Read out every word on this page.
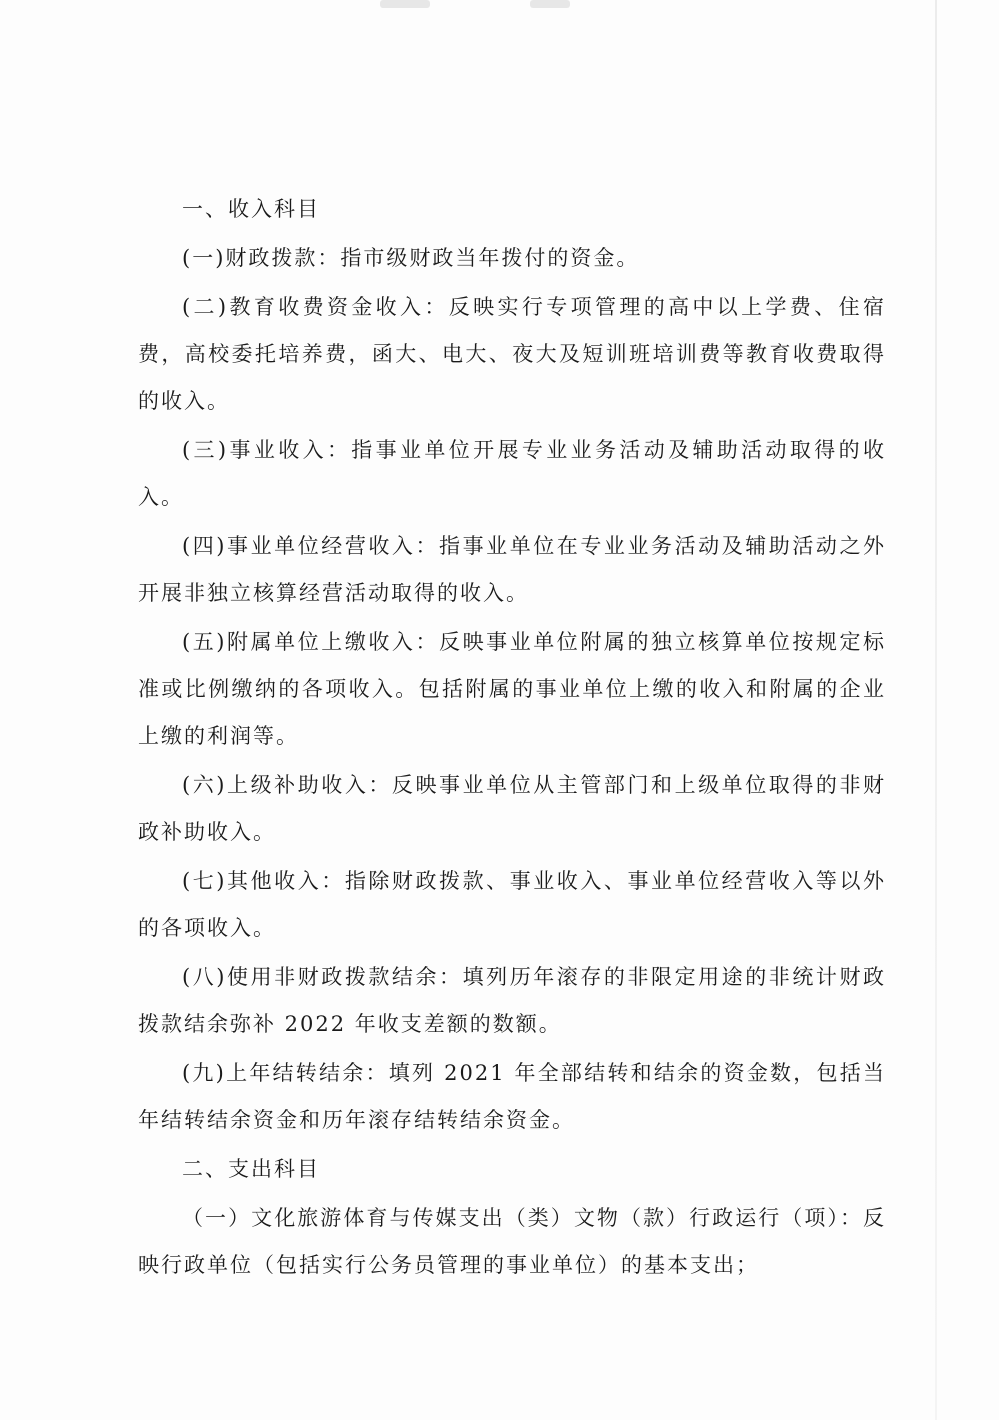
一、收入科目

(一)财政拨款：指市级财政当年拨付的资金。

(二)教育收费资金收入：反映实行专项管理的高中以上学费、住宿费，高校委托培养费，函大、电大、夜大及短训班培训费等教育收费取得的收入。

(三)事业收入：指事业单位开展专业业务活动及辅助活动取得的收入。

(四)事业单位经营收入：指事业单位在专业业务活动及辅助活动之外开展非独立核算经营活动取得的收入。

(五)附属单位上缴收入：反映事业单位附属的独立核算单位按规定标准或比例缴纳的各项收入。包括附属的事业单位上缴的收入和附属的企业上缴的利润等。

(六)上级补助收入：反映事业单位从主管部门和上级单位取得的非财政补助收入。

(七)其他收入：指除财政拨款、事业收入、事业单位经营收入等以外的各项收入。

(八)使用非财政拨款结余：填列历年滚存的非限定用途的非统计财政拨款结余弥补 2022 年收支差额的数额。

(九)上年结转结余：填列 2021 年全部结转和结余的资金数，包括当年结转结余资金和历年滚存结转结余资金。

二、支出科目

（一）文化旅游体育与传媒支出（类）文物（款）行政运行（项）：反映行政单位（包括实行公务员管理的事业单位）的基本支出；
